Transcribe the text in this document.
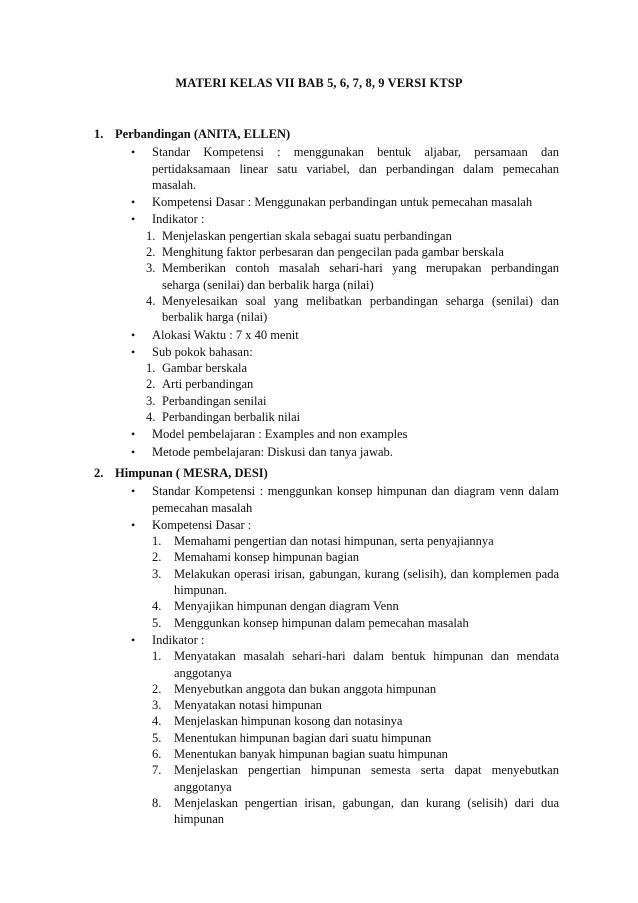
MATERI KELAS VII BAB 5, 6, 7, 8, 9 VERSI KTSP
1. Perbandingan (ANITA, ELLEN)
• Standar Kompetensi : menggunakan bentuk aljabar, persamaan dan pertidaksamaan linear satu variabel, dan perbandingan dalam pemecahan masalah.
• Kompetensi Dasar : Menggunakan perbandingan untuk pemecahan masalah
• Indikator :
1. Menjelaskan pengertian skala sebagai suatu perbandingan
2. Menghitung faktor perbesaran dan pengecilan pada gambar berskala
3. Memberikan contoh masalah sehari-hari yang merupakan perbandingan seharga (senilai) dan berbalik harga (nilai)
4. Menyelesaikan soal yang melibatkan perbandingan seharga (senilai) dan berbalik harga (nilai)
• Alokasi Waktu : 7 x 40 menit
• Sub pokok bahasan:
1. Gambar berskala
2. Arti perbandingan
3. Perbandingan senilai
4. Perbandingan berbalik nilai
• Model pembelajaran : Examples and non examples
• Metode pembelajaran: Diskusi dan tanya jawab.
2. Himpunan ( MESRA, DESI)
• Standar Kompetensi : menggunkan konsep himpunan dan diagram venn dalam pemecahan masalah
• Kompetensi Dasar :
1. Memahami pengertian dan notasi himpunan, serta penyajiannya
2. Memahami konsep himpunan bagian
3. Melakukan operasi irisan, gabungan, kurang (selisih), dan komplemen pada himpunan.
4. Menyajikan himpunan dengan diagram Venn
5. Menggunkan konsep himpunan dalam pemecahan masalah
• Indikator :
1. Menyatakan masalah sehari-hari dalam bentuk himpunan dan mendata anggotanya
2. Menyebutkan anggota dan bukan anggota himpunan
3. Menyatakan notasi himpunan
4. Menjelaskan himpunan kosong dan notasinya
5. Menentukan himpunan bagian dari suatu himpunan
6. Menentukan banyak himpunan bagian suatu himpunan
7. Menjelaskan pengertian himpunan semesta serta dapat menyebutkan anggotanya
8. Menjelaskan pengertian irisan, gabungan, dan kurang (selisih) dari dua himpunan
